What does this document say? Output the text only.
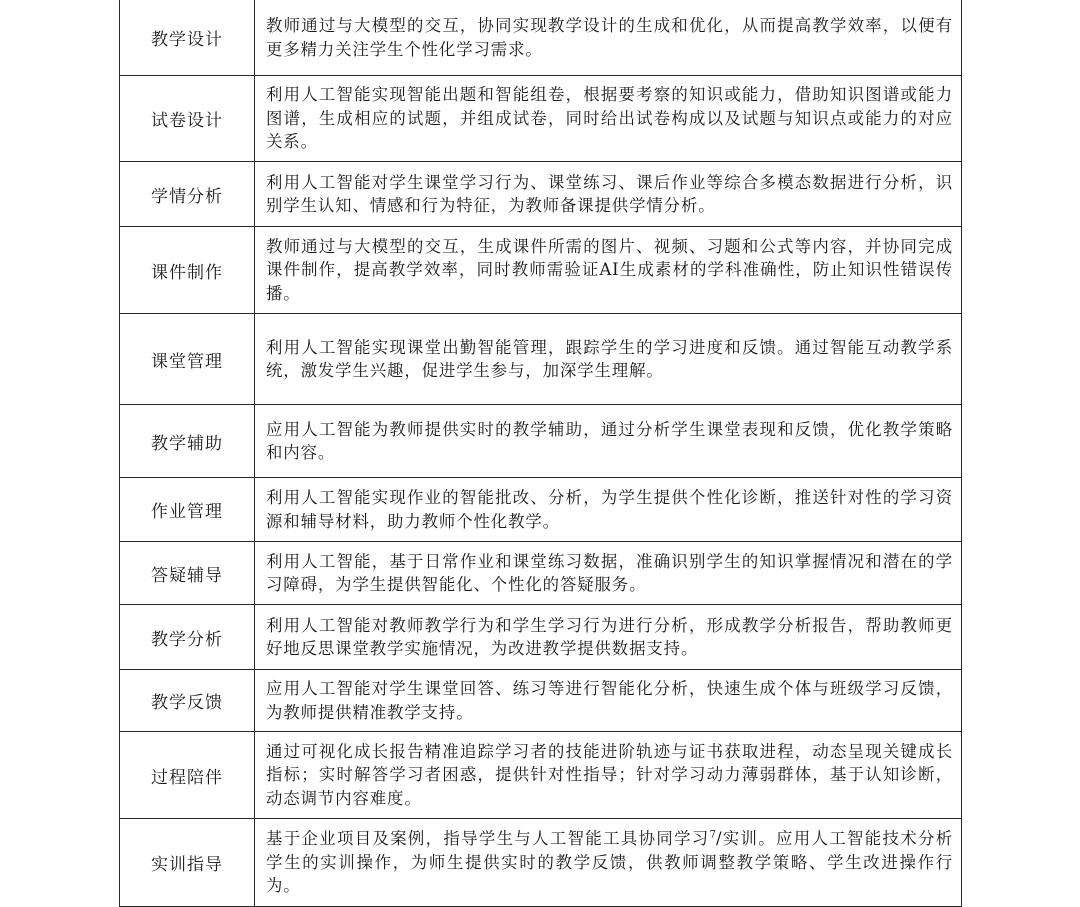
教学设计	教师通过与大模型的交互，协同实现教学设计的生成和优化，从而提高教学效率，以便有更多精力关注学生个性化学习需求。

试卷设计	利用人工智能实现智能出题和智能组卷，根据要考察的知识或能力，借助知识图谱或能力图谱，生成相应的试题，并组成试卷，同时给出试卷构成以及试题与知识点或能力的对应关系。

学情分析	利用人工智能对学生课堂学习行为、课堂练习、课后作业等综合多模态数据进行分析，识别学生认知、情感和行为特征，为教师备课提供学情分析。

课件制作	教师通过与大模型的交互，生成课件所需的图片、视频、习题和公式等内容，并协同完成课件制作，提高教学效率，同时教师需验证AI生成素材的学科准确性，防止知识性错误传播。

课堂管理	利用人工智能实现课堂出勤智能管理，跟踪学生的学习进度和反馈。通过智能互动教学系统，激发学生兴趣，促进学生参与，加深学生理解。

教学辅助	应用人工智能为教师提供实时的教学辅助，通过分析学生课堂表现和反馈，优化教学策略和内容。

作业管理	利用人工智能实现作业的智能批改、分析，为学生提供个性化诊断，推送针对性的学习资源和辅导材料，助力教师个性化教学。

答疑辅导	利用人工智能，基于日常作业和课堂练习数据，准确识别学生的知识掌握情况和潜在的学习障碍，为学生提供智能化、个性化的答疑服务。

教学分析	利用人工智能对教师教学行为和学生学习行为进行分析，形成教学分析报告，帮助教师更好地反思课堂教学实施情况，为改进教学提供数据支持。

教学反馈	应用人工智能对学生课堂回答、练习等进行智能化分析，快速生成个体与班级学习反馈，为教师提供精准教学支持。

过程陪伴	通过可视化成长报告精准追踪学习者的技能进阶轨迹与证书获取进程，动态呈现关键成长指标；实时解答学习者困惑，提供针对性指导；针对学习动力薄弱群体，基于认知诊断，动态调节内容难度。

实训指导	基于企业项目及案例，指导学生与人工智能工具协同学习$^7$/实训。应用人工智能技术分析学生的实训操作，为师生提供实时的教学反馈，供教师调整教学策略、学生改进操作行为。
